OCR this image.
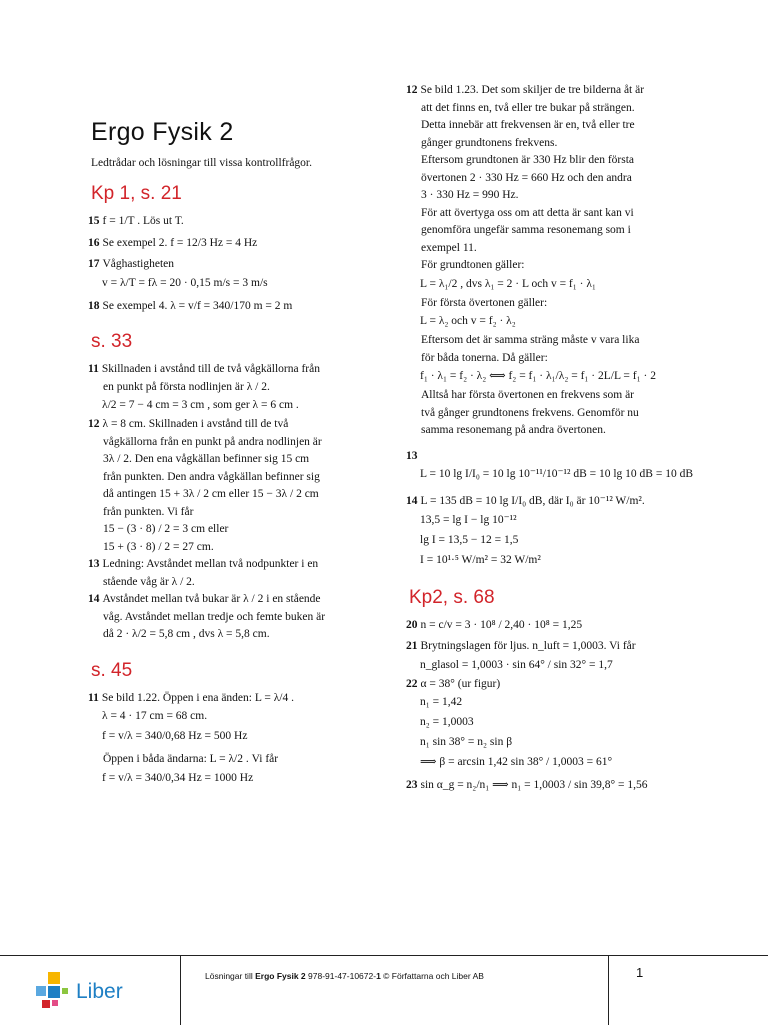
Ergo Fysik 2
Ledtrådar och lösningar till vissa kontrollfrågor.
Kp 1, s. 21
15 f = 1/T . Lös ut T.
16 Se exempel 2. f = 12/3 Hz = 4 Hz
17 Våghastigheten
v = λ/T = fλ = 20 · 0,15 m/s = 3 m/s
18 Se exempel 4. λ = v/f = 340/170 m = 2 m
s. 33
11 Skillnaden i avstånd till de två vågkällorna från
en punkt på första nodlinjen är λ / 2.
λ/2 = 7 − 4 cm = 3 cm , som ger λ = 6 cm .
12 λ = 8 cm. Skillnaden i avstånd till de två
vågkällorna från en punkt på andra nodlinjen är
3λ / 2. Den ena vågkällan befinner sig 15 cm
från punkten. Den andra vågkällan befinner sig
då antingen 15 + 3λ / 2 cm eller 15 − 3λ / 2 cm
från punkten. Vi får
15 − (3 · 8) / 2 = 3 cm eller
15 + (3 · 8) / 2 = 27 cm.
13 Ledning: Avståndet mellan två nodpunkter i en
stående våg är λ / 2.
14 Avståndet mellan två bukar är λ / 2 i en stående
våg. Avståndet mellan tredje och femte buken är
då 2 · λ/2 = 5,8 cm , dvs λ = 5,8 cm.
s. 45
11 Se bild 1.22. Öppen i ena änden: L = λ/4 .
λ = 4 · 17 cm = 68 cm.
f = v/λ = 340/0,68 Hz = 500 Hz
Öppen i båda ändarna: L = λ/2 . Vi får
f = v/λ = 340/0,34 Hz = 1000 Hz
12 Se bild 1.23. Det som skiljer de tre bilderna åt är
att det finns en, två eller tre bukar på strängen.
Detta innebär att frekvensen är en, två eller tre
gånger grundtonens frekvens.
Eftersom grundtonen är 330 Hz blir den första
övertonen 2 · 330 Hz = 660 Hz och den andra
3 · 330 Hz = 990 Hz.
För att övertyga oss om att detta är sant kan vi
genomföra ungefär samma resonemang som i
exempel 11.
För grundtonen gäller:
L = λ₁/2 , dvs λ₁ = 2 · L och v = f₁ · λ₁
För första övertonen gäller:
L = λ₂ och v = f₂ · λ₂
Eftersom det är samma sträng måste v vara lika
för båda tonerna. Då gäller:
f₁ · λ₁ = f₂ · λ₂ ⟺ f₂ = f₁ · λ₁/λ₂ = f₁ · 2L/L = f₁ · 2
Alltså har första övertonen en frekvens som är
två gånger grundtonens frekvens. Genomför nu
samma resonemang på andra övertonen.
13
L = 10 lg I/I₀ = 10 lg 10⁻¹¹/10⁻¹² dB = 10 lg 10 dB = 10 dB
14 L = 135 dB = 10 lg I/I₀ dB, där I₀ är 10⁻¹² W/m².
13,5 = lg I − lg 10⁻¹²
lg I = 13,5 − 12 = 1,5
I = 10¹·⁵ W/m² = 32 W/m²
Kp2, s. 68
20 n = c/v = 3 · 10⁸ / 2,40 · 10⁸ = 1,25
21 Brytningslagen för ljus. n_luft = 1,0003. Vi får
n_glasol = 1,0003 · sin 64° / sin 32° = 1,7
22 α = 38° (ur figur)
n₁ = 1,42
n₂ = 1,0003
n₁ sin 38° = n₂ sin β
⟹ β = arcsin 1,42 sin 38° / 1,0003 = 61°
23 sin α_g = n₂/n₁ ⟹ n₁ = 1,0003 / sin 39,8° = 1,56
Liber
Lösningar till Ergo Fysik 2 978-91-47-10672-1 © Författarna och Liber AB	1
